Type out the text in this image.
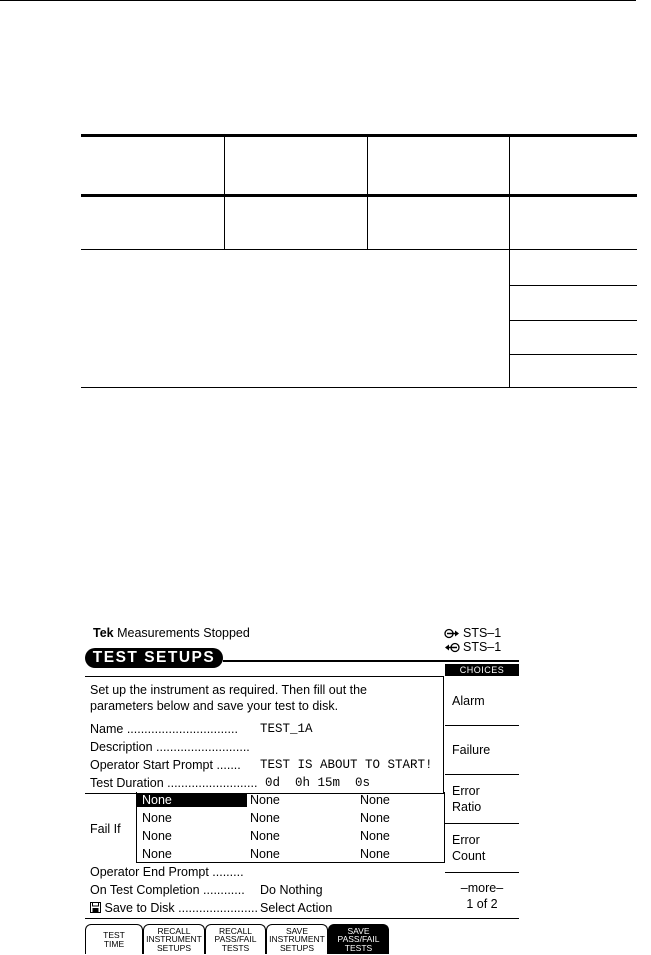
Tek Measurements Stopped	STS–1
STS–1
TEST SETUPS
CHOICES
Set up the instrument as required. Then fill out the
parameters below and save your test to disk.
Name ................................ TEST_1A
Description ...........................
Operator Start Prompt ....... TEST IS ABOUT TO START!
Test Duration .......................... 0d  0h 15m  0s
Fail If
None	None	None
None	None	None
None	None	None
None	None	None
Operator End Prompt .........
On Test Completion ............ Do Nothing
Save to Disk ....................... Select Action
Alarm
Failure
Error
Ratio
Error
Count
–more–
1 of 2
TEST
TIME
RECALL
INSTRUMENT
SETUPS
RECALL
PASS/FAIL
TESTS
SAVE
INSTRUMENT
SETUPS
SAVE
PASS/FAIL
TESTS
